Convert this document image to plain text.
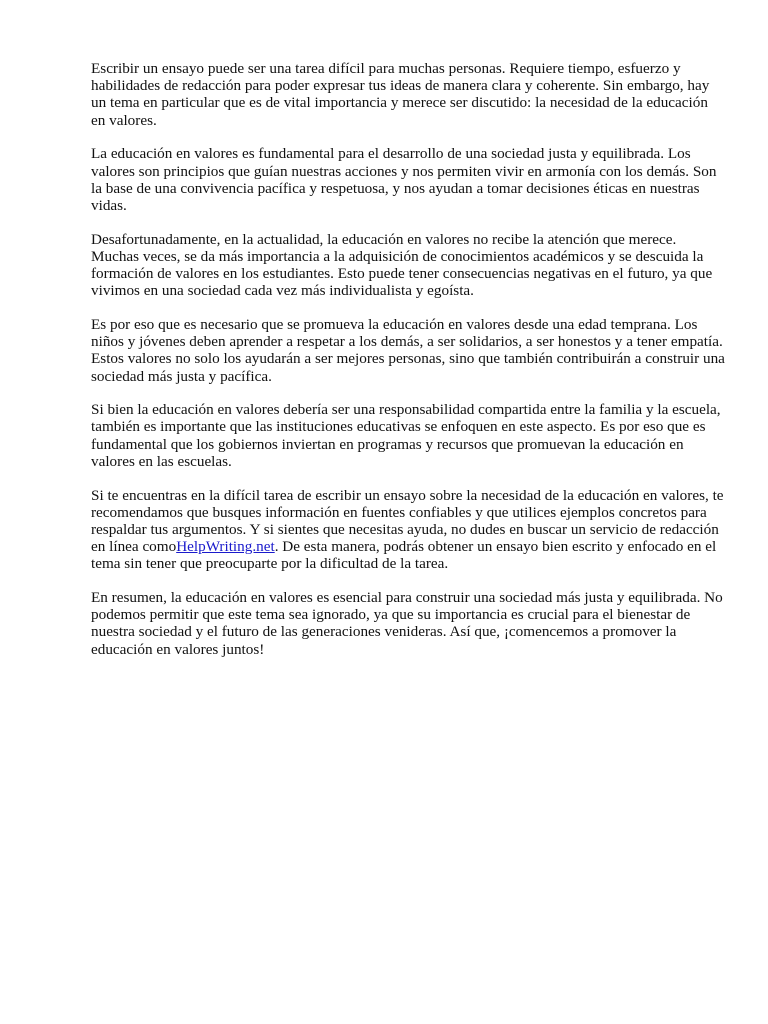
Escribir un ensayo puede ser una tarea difícil para muchas personas. Requiere tiempo, esfuerzo y habilidades de redacción para poder expresar tus ideas de manera clara y coherente. Sin embargo, hay un tema en particular que es de vital importancia y merece ser discutido: la necesidad de la educación en valores.

La educación en valores es fundamental para el desarrollo de una sociedad justa y equilibrada. Los valores son principios que guían nuestras acciones y nos permiten vivir en armonía con los demás. Son la base de una convivencia pacífica y respetuosa, y nos ayudan a tomar decisiones éticas en nuestras vidas.

Desafortunadamente, en la actualidad, la educación en valores no recibe la atención que merece. Muchas veces, se da más importancia a la adquisición de conocimientos académicos y se descuida la formación de valores en los estudiantes. Esto puede tener consecuencias negativas en el futuro, ya que vivimos en una sociedad cada vez más individualista y egoísta.

Es por eso que es necesario que se promueva la educación en valores desde una edad temprana. Los niños y jóvenes deben aprender a respetar a los demás, a ser solidarios, a ser honestos y a tener empatía. Estos valores no solo los ayudarán a ser mejores personas, sino que también contribuirán a construir una sociedad más justa y pacífica.

Si bien la educación en valores debería ser una responsabilidad compartida entre la familia y la escuela, también es importante que las instituciones educativas se enfoquen en este aspecto. Es por eso que es fundamental que los gobiernos inviertan en programas y recursos que promuevan la educación en valores en las escuelas.

Si te encuentras en la difícil tarea de escribir un ensayo sobre la necesidad de la educación en valores, te recomendamos que busques información en fuentes confiables y que utilices ejemplos concretos para respaldar tus argumentos. Y si sientes que necesitas ayuda, no dudes en buscar un servicio de redacción en línea comoHelpWriting.net. De esta manera, podrás obtener un ensayo bien escrito y enfocado en el tema sin tener que preocuparte por la dificultad de la tarea.

En resumen, la educación en valores es esencial para construir una sociedad más justa y equilibrada. No podemos permitir que este tema sea ignorado, ya que su importancia es crucial para el bienestar de nuestra sociedad y el futuro de las generaciones venideras. Así que, ¡comencemos a promover la educación en valores juntos!
